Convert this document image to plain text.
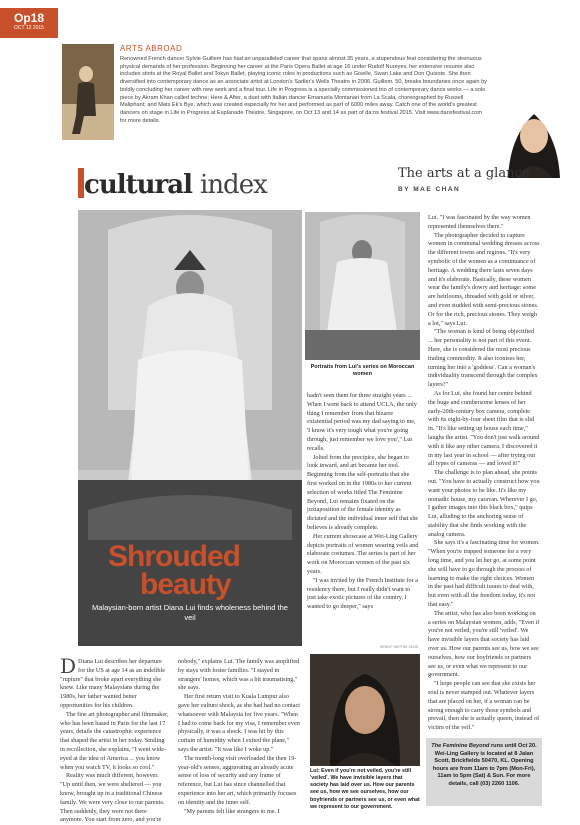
Op18
OCT 12 2015
ARTS ABROAD
Renowned French dancer Sylvie Guillem has had an unparalleled career that spans almost 35 years, a stupendous feat considering the strenuous physical demands of her profession. Beginning her career at the Paris Opera Ballet at age 16 under Rudolf Nureyev, her extensive resume also includes stints at the Royal Ballet and Tokyo Ballet, playing iconic roles in productions such as Giselle, Swan Lake and Don Quixote. She then diversified into contemporary dance as an associate artist at London's Sadler's Wells Theatre in 2006. Guillem, 50, breaks boundaries once again by boldly concluding her career with new work and a final tour. Life in Progress is a specially commissioned trio of contemporary dance works — a solo piece by Akram Khan called techne; Here & After, a duet with Italian dancer Emanuela Montanari from La Scala, choreographed by Russell Maliphant; and Mats Ek's Bye, which was created especially for her and performed as part of 6000 miles away. Catch one of the world's greatest dancers on stage in Life in Progress at Esplanade Theatre, Singapore, on Oct 13 and 14 as part of da:ns festival 2015. Visit www.dansfestival.com for more details.
The arts at a glance
BY MAE CHAN
cultural index
Portraits from Lui's series on Moroccan women
KENNY YAP/THE EDGE
Shrouded
beauty
Malaysian-born artist Diana Lui finds wholeness behind the veil

D Diana Lui describes her departure for the US at age 14 as an indelible "rupture" that broke apart everything she knew. Like many Malaysians during the 1980s, her father wanted better opportunities for his children.

The fine art photographer and filmmaker, who has been based in Paris for the last 17 years, details the catastrophic experience that shaped the artist in her today. Smiling in recollection, she explains, "I went wide-eyed at the idea of America ... you know when you watch TV, it looks so cool."

Reality was much different, however. "Up until then, we were sheltered — you know, brought up in a traditional Chinese family. We were very close to our parents. Then suddenly, they were not there anymore. You start from zero, and you're

nobody," explains Lui. The family was amplified by stays with foster families. "I stayed in strangers' homes, which was a bit traumatising," she says.

Her first return visit to Kuala Lumpur also gave her culture shock, as she had had no contact whatsoever with Malaysia for five years. "When I had to come back for my visa, I remember even physically, it was a shock. I was hit by this curtain of humidity when I exited the plane," says the artist. "It was like I woke up."

The month-long visit overloaded the then 19-year-old's senses, aggravating an already acute sense of loss of security and any frame of reference, but Lui has since channelled that experience into her art, which primarily focuses on identity and the inner self.

"My parents felt like strangers to me. I

hadn't seen them for three straight years ... When I went back to attend UCLA, the only thing I remember from that bizarre existential period was my dad saying to me, 'I know it's very tough what you're going through, just remember we love you'," Lui recalls.

Jolted from the precipice, she began to look inward, and art became her tool. Beginning from the self-portraits that she first worked on in the 1980s to her current selection of works titled The Feminine Beyond, Lui remains fixated on the juxtaposition of the female identity as dictated and the individual inner self that she believes is already complete.

Her current showcase at Wei-Ling Gallery depicts portraits of women wearing veils and elaborate costumes. The series is part of her work on Moroccan women of the past six years.

"I was invited by the French Institute for a residency there, but I really didn't want to just take exotic pictures of the country. I wanted to go deeper," says

Lui. "I was fascinated by the way women represented themselves there."

The photographer decided to capture women in communal wedding dresses across the different towns and regions. "It's very symbolic of the women as a continuance of heritage. A wedding there lasts seven days and it's elaborate. Basically, these women wear the family's dowry and heritage: some are heirlooms, threaded with gold or silver, and even studded with semi-precious stones. Or for the rich, precious stones. They weigh a lot," says Lui.

"The woman is kind of being objectified ... her personality is not part of this event. Here, she is considered the most precious trading commodity. It also iconises her, turning her into a 'goddess'. Can a woman's individuality transcend through the complex layers?"

As for Lui, she found her centre behind the huge and cumbersome lenses of her early-20th-century box camera, complete with its eight-by-four sheet film that is slid in. "It's like setting up house each time," laughs the artist. "You don't just walk around with it like any other camera. I discovered it in my last year in school — after trying out all types of cameras — and loved it!"

The challenge is to plan ahead, she points out. "You have to actually construct how you want your photos to be like. It's like my nomadic house, my caravan. Wherever I go, I gather images into this black box," quips Lui, alluding to the anchoring sense of stability that she finds working with the analog camera.

She says it's a fascinating time for women. "When you're trapped someone for a very long time, and you let her go, at some point she will have to go through the process of learning to make the right choices. Women in the past had difficult issues to deal with, but even with all the freedom today, it's not that easy."

The artist, who has also been working on a series on Malaysian women, adds, "Even if you're not veiled, you're still 'veiled'. We have invisible layers that society has laid over us. How our parents see us, how we see ourselves, how our boyfriends or partners see us, or even what we represent to our government.

"I hope people can see that she exists her soul is never stamped out. Whatever layers that are placed on her, if a woman can be strong enough to carry those symbols and prevail, then she is actually queen, instead of victim of the veil."

Lui: Even if you're not veiled, you're still 'veiled'. We have invisible layers that society has laid over us. How our parents see us, how we see ourselves, how our boyfriends or partners see us, or even what we represent to our government.
The Feminine Beyond runs until Oct 20. Wei-Ling Gallery is located at 8 Jalan Scott, Brickfields 50470, KL. Opening hours are from 11am to 7pm (Mon-Fri), 11am to 5pm (Sat) & Sun. For more details, call (03) 2260 1106.
